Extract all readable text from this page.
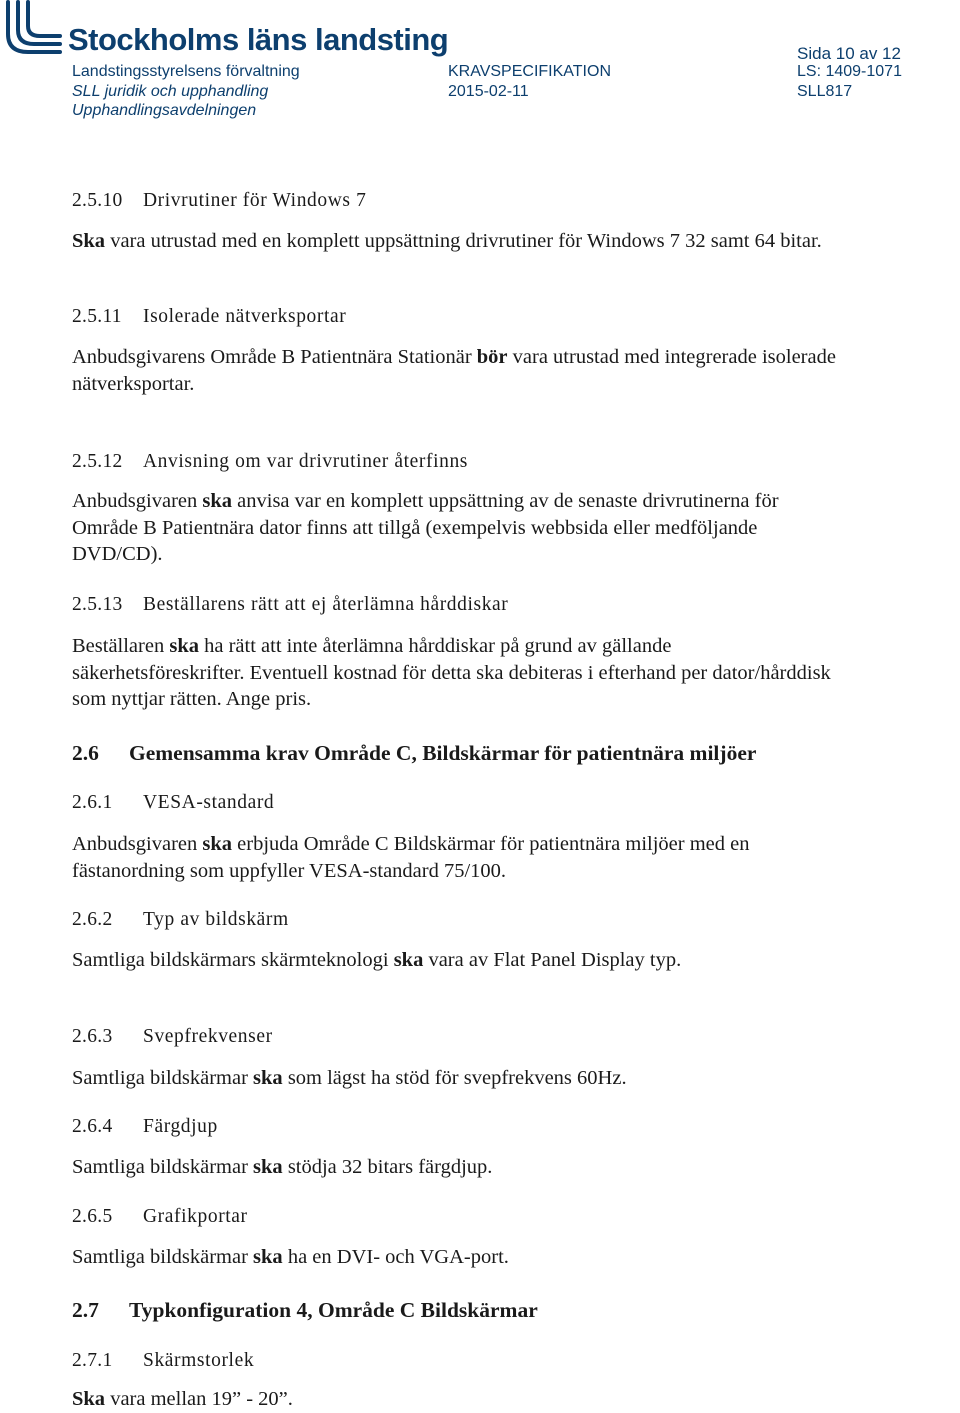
Stockholms läns landsting	Sida 10 av 12
Landstingsstyrelsens förvaltning
SLL juridik och upphandling
Upphandlingsavdelningen
KRAVSPECIFIKATION
2015-02-11
LS: 1409-1071
SLL817
2.5.10 Drivrutiner för Windows 7
Ska vara utrustad med en komplett uppsättning drivrutiner för Windows 7 32 samt 64 bitar.
2.5.11 Isolerade nätverksportar
Anbudsgivarens Område B Patientnära Stationär bör vara utrustad med integrerade isolerade
nätverksportar.
2.5.12 Anvisning om var drivrutiner återfinns
Anbudsgivaren ska anvisa var en komplett uppsättning av de senaste drivrutinerna för
Område B Patientnära dator finns att tillgå (exempelvis webbsida eller medföljande
DVD/CD).
2.5.13 Beställarens rätt att ej återlämna hårddiskar
Beställaren ska ha rätt att inte återlämna hårddiskar på grund av gällande
säkerhetsföreskrifter. Eventuell kostnad för detta ska debiteras i efterhand per dator/hårddisk
som nyttjar rätten. Ange pris.
2.6 Gemensamma krav Område C, Bildskärmar för patientnära miljöer
2.6.1 VESA-standard
Anbudsgivaren ska erbjuda Område C Bildskärmar för patientnära miljöer med en
fästanordning som uppfyller VESA-standard 75/100.
2.6.2 Typ av bildskärm
Samtliga bildskärmars skärmteknologi ska vara av Flat Panel Display typ.
2.6.3 Svepfrekvenser
Samtliga bildskärmar ska som lägst ha stöd för svepfrekvens 60Hz.
2.6.4 Färgdjup
Samtliga bildskärmar ska stödja 32 bitars färgdjup.
2.6.5 Grafikportar
Samtliga bildskärmar ska ha en DVI- och VGA-port.
2.7 Typkonfiguration 4, Område C Bildskärmar
2.7.1 Skärmstorlek
Ska vara mellan 19” - 20”.
